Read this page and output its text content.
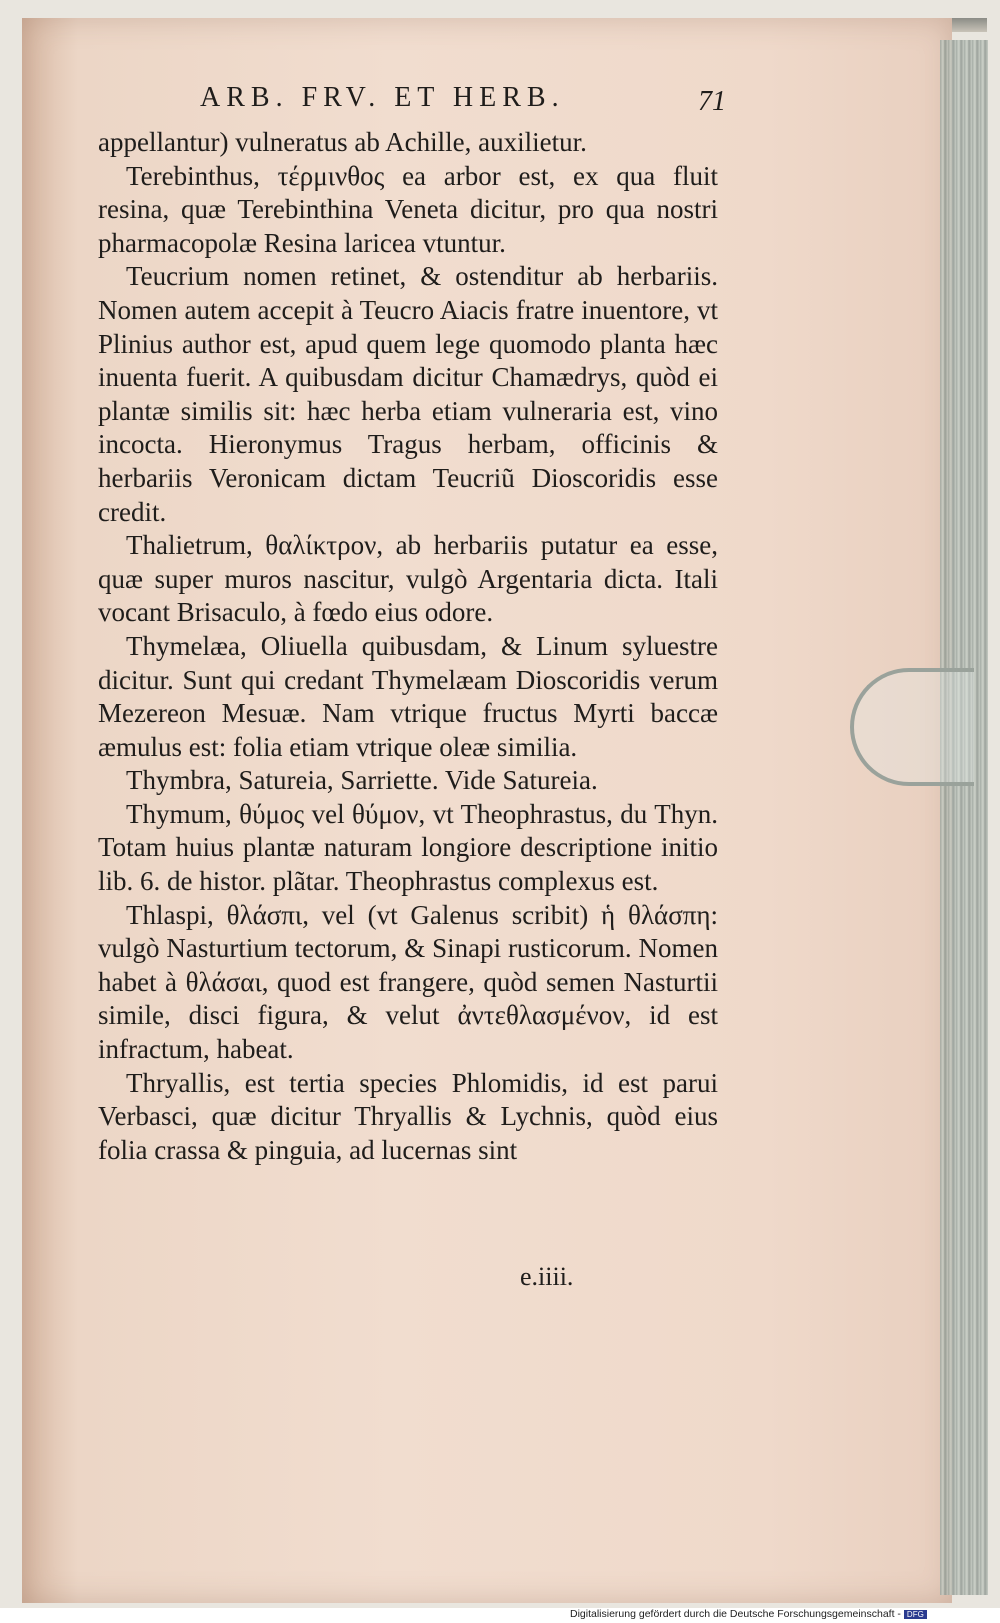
ARB. FRV. ET HERB.	71

appellantur) vulneratus ab Achille, auxilietur.

Terebinthus, τέρμινθος ea arbor est, ex qua fluit resina, quæ Terebinthina Veneta dicitur, pro qua nostri pharmacopolæ Resina laricea vtuntur.

Teucrium nomen retinet, & ostenditur ab herbariis. Nomen autem accepit à Teucro Aiacis fratre inuentore, vt Plinius author est, apud quem lege quomodo planta hæc inuenta fuerit. A quibusdam dicitur Chamædrys, quòd ei plantæ similis sit: hæc herba etiam vulneraria est, vino incocta. Hieronymus Tragus herbam, officinis & herbariis Veronicam dictam Teucriũ Dioscoridis esse credit.

Thalietrum, θαλίκτρον, ab herbariis putatur ea esse, quæ super muros nascitur, vulgò Argentaria dicta. Itali vocant Brisaculo, à fœdo eius odore.

Thymelæa, Oliuella quibusdam, & Linum syluestre dicitur. Sunt qui credant Thymelæam Dioscoridis verum Mezereon Mesuæ. Nam vtrique fructus Myrti baccæ æmulus est: folia etiam vtrique oleæ similia.

Thymbra, Satureia, Sarriette. Vide Satureia.

Thymum, θύμος vel θύμον, vt Theophrastus, du Thyn. Totam huius plantæ naturam longiore descriptione initio lib. 6. de histor. plãtar. Theophrastus complexus est.

Thlaspi, θλάσπι, vel (vt Galenus scribit) ἡ θλάσπη: vulgò Nasturtium tectorum, & Sinapi rusticorum. Nomen habet à θλάσαι, quod est frangere, quòd semen Nasturtii simile, disci figura, & velut ἀντεθλασμένον, id est infractum, habeat.

Thryallis, est tertia species Phlomidis, id est parui Verbasci, quæ dicitur Thryallis & Lychnis, quòd eius folia crassa & pinguia, ad lucernas sint

e.iiii.
Digitalisierung gefördert durch die Deutsche Forschungsgemeinschaft - DFG
